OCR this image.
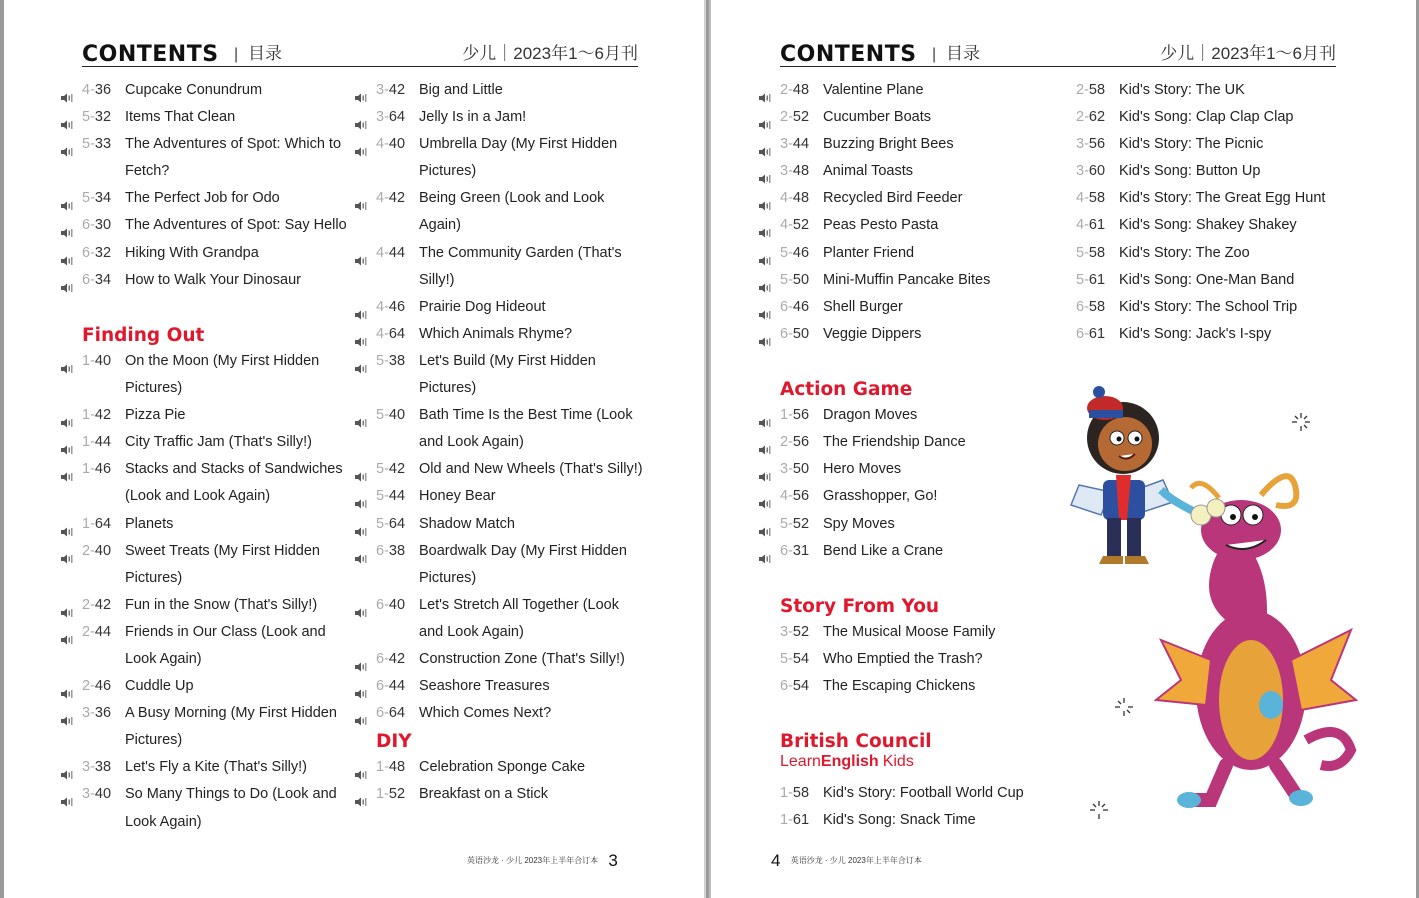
CONTENTS | 目录	少儿｜2023年1～6月刊
4-36 Cupcake Conundrum
5-32 Items That Clean
5-33 The Adventures of Spot: Which to
Fetch?
5-34 The Perfect Job for Odo
6-30 The Adventures of Spot: Say Hello
6-32 Hiking With Grandpa
6-34 How to Walk Your Dinosaur
Finding Out
1-40 On the Moon (My First Hidden
Pictures)
1-42 Pizza Pie
1-44 City Traffic Jam (That's Silly!)
1-46 Stacks and Stacks of Sandwiches
(Look and Look Again)
1-64 Planets
2-40 Sweet Treats (My First Hidden
Pictures)
2-42 Fun in the Snow (That's Silly!)
2-44 Friends in Our Class (Look and
Look Again)
2-46 Cuddle Up
3-36 A Busy Morning (My First Hidden
Pictures)
3-38 Let's Fly a Kite (That's Silly!)
3-40 So Many Things to Do (Look and
Look Again)
3-42 Big and Little
3-64 Jelly Is in a Jam!
4-40 Umbrella Day (My First Hidden
Pictures)
4-42 Being Green (Look and Look
Again)
4-44 The Community Garden (That's
Silly!)
4-46 Prairie Dog Hideout
4-64 Which Animals Rhyme?
5-38 Let's Build (My First Hidden
Pictures)
5-40 Bath Time Is the Best Time (Look
and Look Again)
5-42 Old and New Wheels (That's Silly!)
5-44 Honey Bear
5-64 Shadow Match
6-38 Boardwalk Day (My First Hidden
Pictures)
6-40 Let's Stretch All Together (Look
and Look Again)
6-42 Construction Zone (That's Silly!)
6-44 Seashore Treasures
6-64 Which Comes Next?
DIY
1-48 Celebration Sponge Cake
1-52 Breakfast on a Stick
英语沙龙 · 少儿 2023年上半年合订本 3
CONTENTS | 目录	少儿｜2023年1～6月刊
2-48 Valentine Plane
2-52 Cucumber Boats
3-44 Buzzing Bright Bees
3-48 Animal Toasts
4-48 Recycled Bird Feeder
4-52 Peas Pesto Pasta
5-46 Planter Friend
5-50 Mini-Muffin Pancake Bites
6-46 Shell Burger
6-50 Veggie Dippers
Action Game
1-56 Dragon Moves
2-56 The Friendship Dance
3-50 Hero Moves
4-56 Grasshopper, Go!
5-52 Spy Moves
6-31 Bend Like a Crane
Story From You
3-52 The Musical Moose Family
5-54 Who Emptied the Trash?
6-54 The Escaping Chickens
British Council
LearnEnglish Kids
1-58 Kid's Story: Football World Cup
1-61 Kid's Song: Snack Time
2-58 Kid's Story: The UK
2-62 Kid's Song: Clap Clap Clap
3-56 Kid's Story: The Picnic
3-60 Kid's Song: Button Up
4-58 Kid's Story: The Great Egg Hunt
4-61 Kid's Song: Shakey Shakey
5-58 Kid's Story: The Zoo
5-61 Kid's Song: One-Man Band
6-58 Kid's Story: The School Trip
6-61 Kid's Song: Jack's I-spy
4 英语沙龙 · 少儿 2023年上半年合订本
